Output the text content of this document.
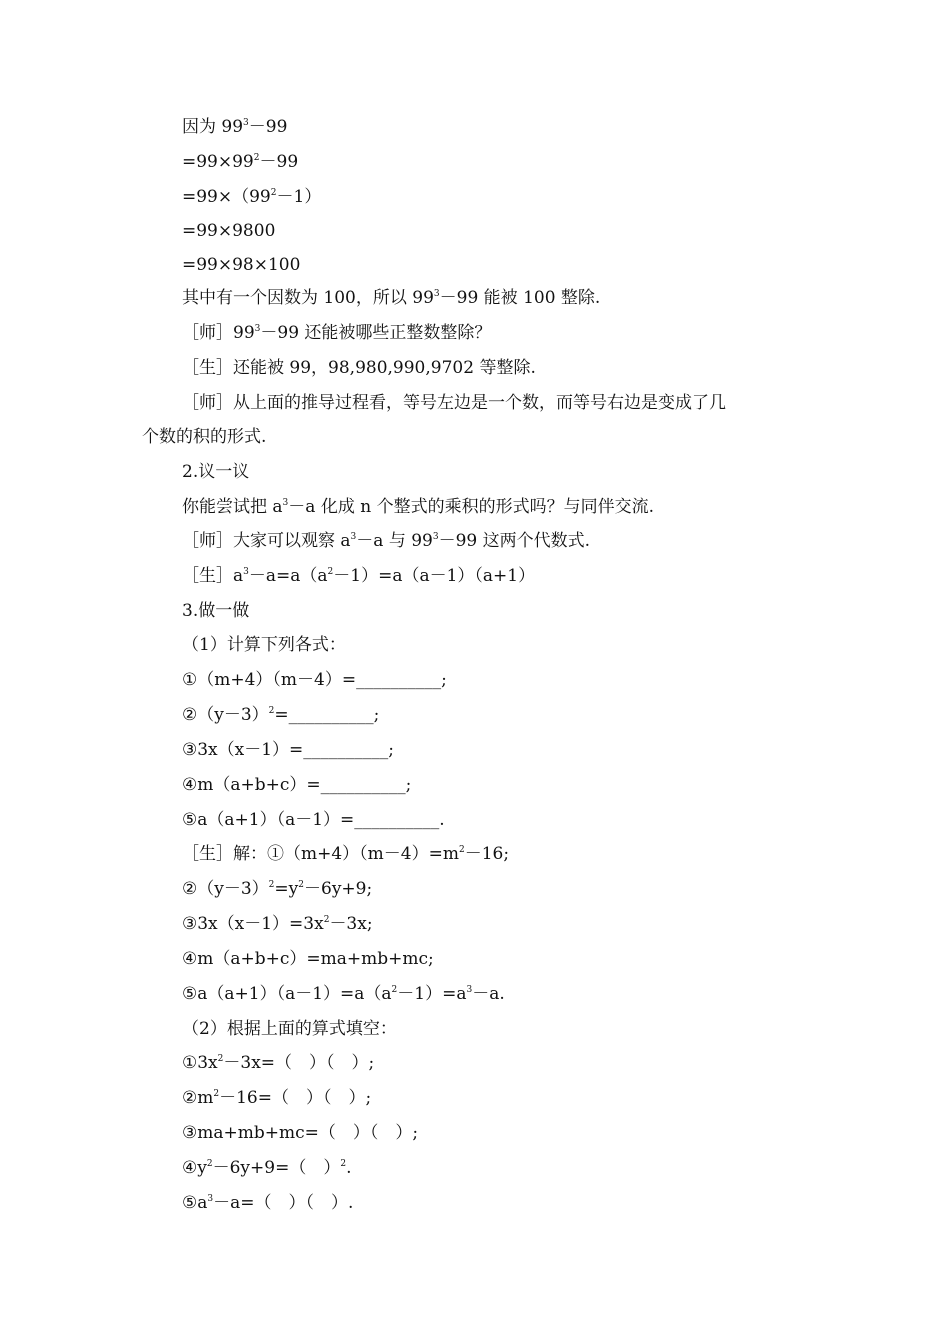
因为 $99^3-99$
$=99\times 99^2-99$
$=99\times(99^2-1)$
=99×9800
=99×98×100
其中有一个因数为 100，所以 $99^3-99$ 能被 100 整除.
［师$]99^3-99$ 还能被哪些正整数整除？
［生］还能被 99，98,980,990,9702 等整除.
［师］从上面的推导过程看，等号左边是一个数，而等号右边是变成了几
个数的积的形式.
2.议一议
你能尝试把 $a^3-a$ 化成 n 个整式的乘积的形式吗？与同伴交流.
［师］大家可以观察 $a^3-a$ 与 $99^3-99$ 这两个代数式.
［生$]a^3-a=a(a^2-1)=a(a-1)(a+1)$
3.做一做
（1）计算下列各式：
①（m+4）（m－4）=__________;
$②(y-3)^2=\_\_\_\_\_\_\_\_\_\_$;
③3x（x－1）=__________;
④m（a+b+c）=__________;
⑤a（a+1）（a－1）=__________.
［生］解：$①(m+4)(m-4)=m^2-16$;
$②(y-3)^2=y^2-6y+9$;
$③3x(x-1)=3x^2-3x$;
④m（a+b+c）=ma+mb+mc;
$⑤a(a+1)(a-1)=a(a^2-1)=a^3-a$.
（2）根据上面的算式填空：
$①3x^2-3x=$（　）（　）;
$②m^2-16=$（　）（　）;
③ma+mb+mc=（　）（　）;
$④y^2-6y+9=$（　）$^2$.
$⑤a^3-a=$（　）（　）.
